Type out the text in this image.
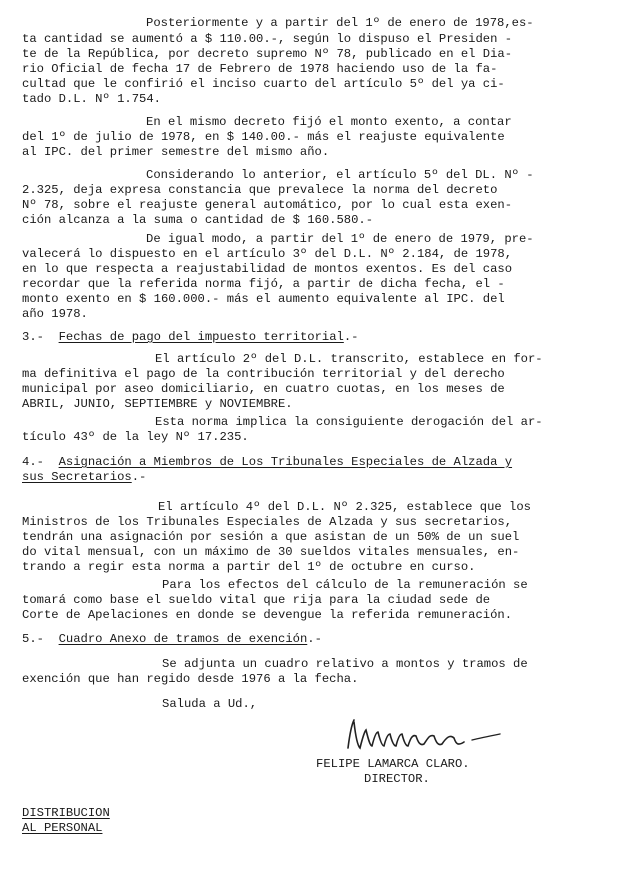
Posteriormente y a partir del 1º de enero de 1978,es-
ta cantidad se aumentó a $ 110.00.-, según lo dispuso el Presiden -
te de la República, por decreto supremo Nº 78, publicado en el Dia-
rio Oficial de fecha 17 de Febrero de 1978 haciendo uso de la fa-
cultad que le confirió el inciso cuarto del artículo 5º del ya ci-
tado D.L. Nº 1.754.
En el mismo decreto fijó el monto exento, a contar
del 1º de julio de 1978, en $ 140.00.- más el reajuste equivalente
al IPC. del primer semestre del mismo año.
Considerando lo anterior, el artículo 5º del DL. Nº -
2.325, deja expresa constancia que prevalece la norma del decreto
Nº 78, sobre el reajuste general automático, por lo cual esta exen-
ción alcanza a la suma o cantidad de $ 160.580.-
De igual modo, a partir del 1º de enero de 1979, pre-
valecerá lo dispuesto en el artículo 3º del D.L. Nº 2.184, de 1978,
en lo que respecta a reajustabilidad de montos exentos. Es del caso
recordar que la referida norma fijó, a partir de dicha fecha, el -
monto exento en $ 160.000.- más el aumento equivalente al IPC. del
año 1978.
3.- Fechas de pago del impuesto territorial.-
El artículo 2º del D.L. transcrito, establece en for-
ma definitiva el pago de la contribución territorial y del derecho
municipal por aseo domiciliario, en cuatro cuotas, en los meses de
ABRIL, JUNIO, SEPTIEMBRE y NOVIEMBRE.
Esta norma implica la consiguiente derogación del ar-
tículo 43º de la ley Nº 17.235.
4.- Asignación a Miembros de Los Tribunales Especiales de Alzada y
sus Secretarios.-
El artículo 4º del D.L. Nº 2.325, establece que los
Ministros de los Tribunales Especiales de Alzada y sus secretarios,
tendrán una asignación por sesión a que asistan de un 50% de un suel
do vital mensual, con un máximo de 30 sueldos vitales mensuales, en-
trando a regir esta norma a partir del 1º de octubre en curso.
Para los efectos del cálculo de la remuneración se
tomará como base el sueldo vital que rija para la ciudad sede de
Corte de Apelaciones en donde se devengue la referida remuneración.
5.- Cuadro Anexo de tramos de exención.-
Se adjunta un cuadro relativo a montos y tramos de
exención que han regido desde 1976 a la fecha.
Saluda a Ud.,
FELIPE LAMARCA CLARO.
DIRECTOR.
DISTRIBUCION
AL PERSONAL
